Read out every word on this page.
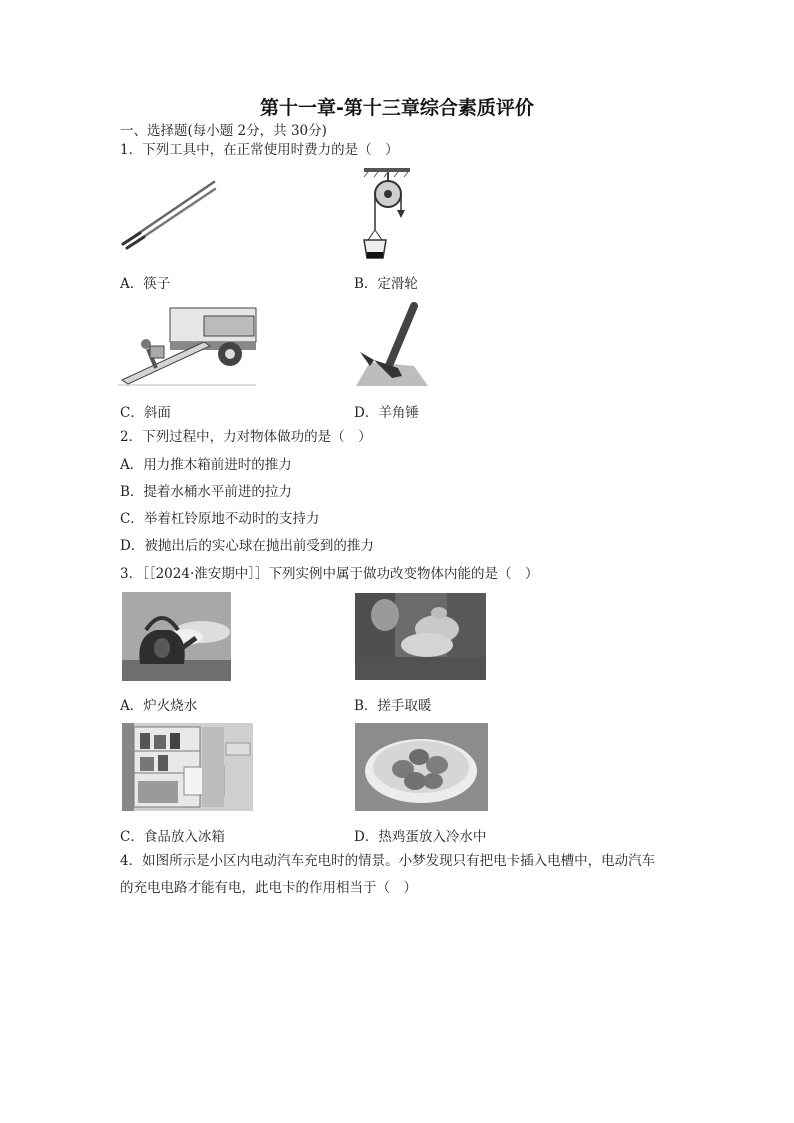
第十一章-第十三章综合素质评价
一、选择题(每小题 2分，共 30分)
1．下列工具中，在正常使用时费力的是（　）
A．筷子	B．定滑轮
C．斜面	D．羊角锤
2．下列过程中，力对物体做功的是（　）
A．用力推木箱前进时的推力
B．提着水桶水平前进的拉力
C．举着杠铃原地不动时的支持力
D．被抛出后的实心球在抛出前受到的推力
3．［［2024·淮安期中］］下列实例中属于做功改变物体内能的是（　）
A．炉火烧水	B．搓手取暖
C．食品放入冰箱	D．热鸡蛋放入冷水中
4．如图所示是小区内电动汽车充电时的情景。小梦发现只有把电卡插入电槽中，电动汽车
的充电电路才能有电，此电卡的作用相当于（　）
